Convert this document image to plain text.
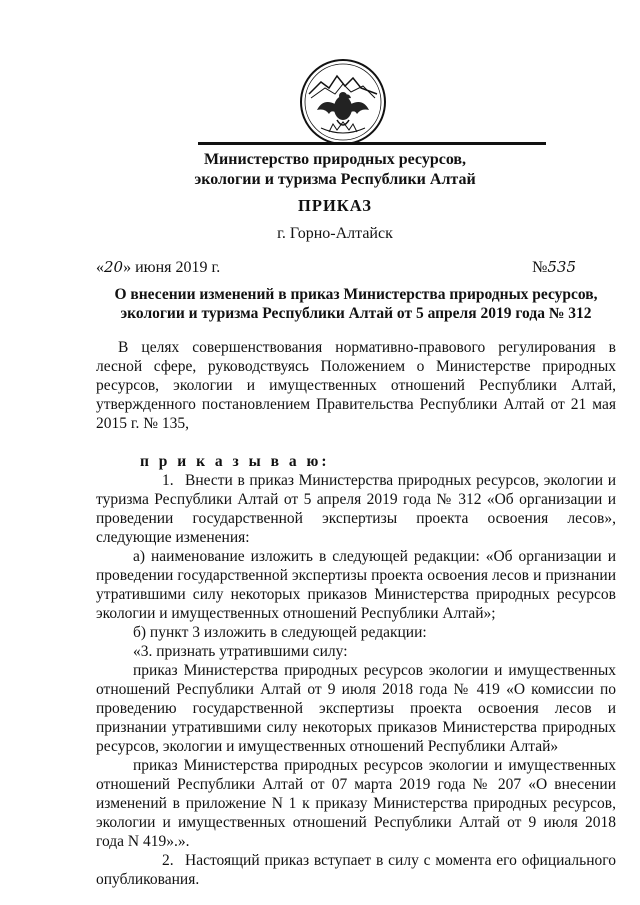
Министерство природных ресурсов,
экологии и туризма Республики Алтай
ПРИКАЗ
г. Горно-Алтайск
«20» июня 2019 г.	№535
О внесении изменений в приказ Министерства природных ресурсов,
экологии и туризма Республики Алтай от 5 апреля 2019 года № 312

В целях совершенствования нормативно-правового регулирования в лесной сфере, руководствуясь Положением о Министерстве природных ресурсов, экологии и имущественных отношений Республики Алтай, утвержденного постановлением Правительства Республики Алтай от 21 мая 2015 г. № 135,

п р и к а з ы в а ю:

1. Внести в приказ Министерства природных ресурсов, экологии и туризма Республики Алтай от 5 апреля 2019 года № 312 «Об организации и проведении государственной экспертизы проекта освоения лесов», следующие изменения:

а) наименование изложить в следующей редакции: «Об организации и проведении государственной экспертизы проекта освоения лесов и признании утратившими силу некоторых приказов Министерства природных ресурсов экологии и имущественных отношений Республики Алтай»;

б) пункт 3 изложить в следующей редакции:

«3. признать утратившими силу:

приказ Министерства природных ресурсов экологии и имущественных отношений Республики Алтай от 9 июля 2018 года № 419 «О комиссии по проведению государственной экспертизы проекта освоения лесов и признании утратившими силу некоторых приказов Министерства природных ресурсов, экологии и имущественных отношений Республики Алтай»

приказ Министерства природных ресурсов экологии и имущественных отношений Республики Алтай от 07 марта 2019 года № 207 «О внесении изменений в приложение N 1 к приказу Министерства природных ресурсов, экологии и имущественных отношений Республики Алтай от 9 июля 2018 года N 419».».

2. Настоящий приказ вступает в силу с момента его официального опубликования.
